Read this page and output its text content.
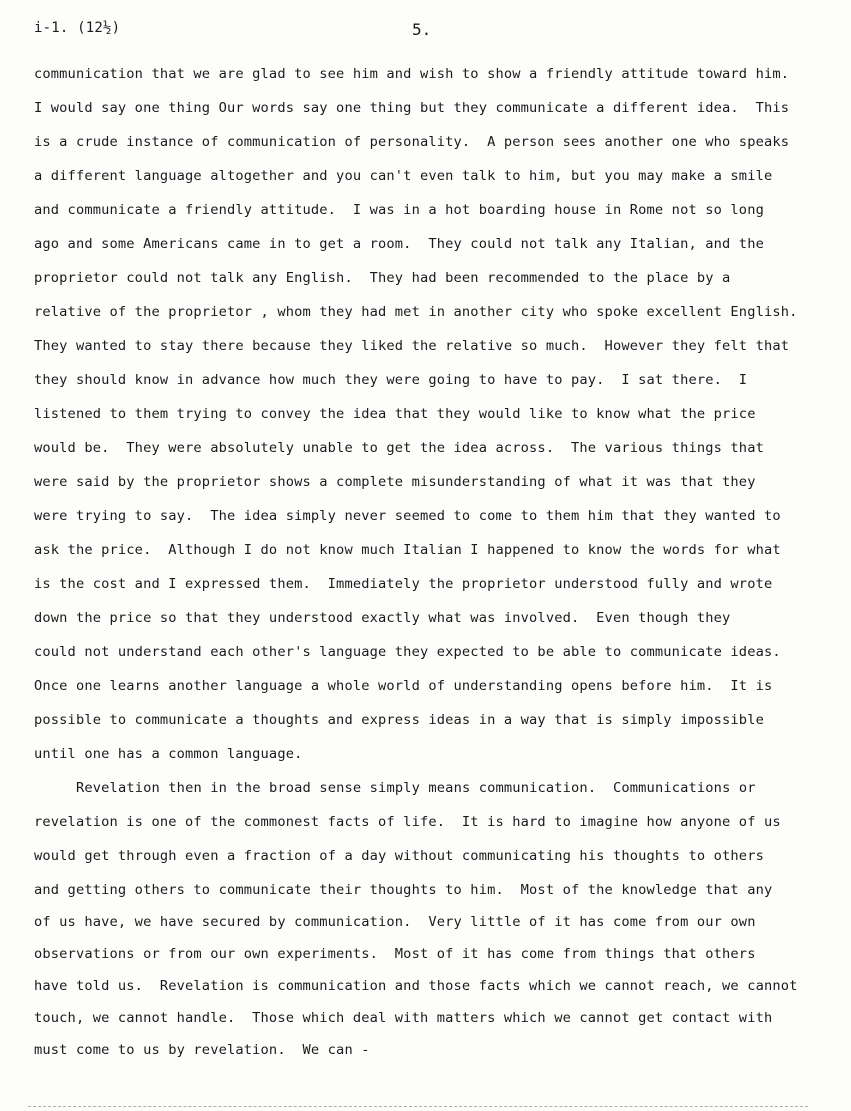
i-1. (12½)	5.
communication that we are glad to see him and wish to show a friendly attitude toward him.
I would say one thing Our words say one thing but they communicate a different idea.  This
is a crude instance of communication of personality.  A person sees another one who speaks
a different language altogether and you can't even talk to him, but you may make a smile
and communicate a friendly attitude.  I was in a hot boarding house in Rome not so long
ago and some Americans came in to get a room.  They could not talk any Italian, and the
proprietor could not talk any English.  They had been recommended to the place by a
relative of the proprietor , whom they had met in another city who spoke excellent English.
They wanted to stay there because they liked the relative so much.  However they felt that
they should know in advance how much they were going to have to pay.  I sat there.  I
listened to them trying to convey the idea that they would like to know what the price
would be.  They were absolutely unable to get the idea across.  The various things that
were said by the proprietor shows a complete misunderstanding of what it was that they
were trying to say.  The idea simply never seemed to come to them him that they wanted to
ask the price.  Although I do not know much Italian I happened to know the words for what
is the cost and I expressed them.  Immediately the proprietor understood fully and wrote
down the price so that they understood exactly what was involved.  Even though they
could not understand each other's language they expected to be able to communicate ideas.
Once one learns another language a whole world of understanding opens before him.  It is
possible to communicate a thoughts and express ideas in a way that is simply impossible
until one has a common language.
Revelation then in the broad sense simply means communication.  Communications or
revelation is one of the commonest facts of life.  It is hard to imagine how anyone of us
would get through even a fraction of a day without communicating his thoughts to others
and getting others to communicate their thoughts to him.  Most of the knowledge that any
of us have, we have secured by communication.  Very little of it has come from our own
observations or from our own experiments.  Most of it has come from things that others
have told us.  Revelation is communication and those facts which we cannot reach, we cannot
touch, we cannot handle.  Those which deal with matters which we cannot get contact with
must come to us by revelation.  We can -
